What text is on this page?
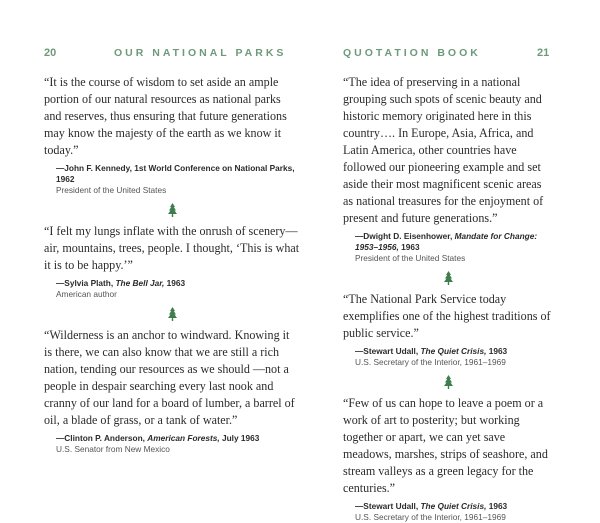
20	OUR NATIONAL PARKS

“It is the course of wisdom to set aside an ample portion of our natural resources as national parks and reserves, thus ensuring that future generations may know the majesty of the earth as we know it today.”

—John F. Kennedy, 1st World Conference on National Parks, 1962
President of the United States

“I felt my lungs inflate with the onrush of scenery—air, mountains, trees, people. I thought, ‘This is what it is to be happy.’”

—Sylvia Plath, The Bell Jar, 1963
American author

“Wilderness is an anchor to windward. Knowing it is there, we can also know that we are still a rich nation, tending our resources as we should —not a people in despair searching every last nook and cranny of our land for a board of lumber, a barrel of oil, a blade of grass, or a tank of water.”

—Clinton P. Anderson, American Forests, July 1963
U.S. Senator from New Mexico
QUOTATION BOOK	21

“The idea of preserving in a national grouping such spots of scenic beauty and historic memory originated here in this country…. In Europe, Asia, Africa, and Latin America, other countries have followed our pioneering example and set aside their most magnificent scenic areas as national treasures for the enjoyment of present and future generations.”

—Dwight D. Eisenhower, Mandate for Change: 1953–1956, 1963
President of the United States

“The National Park Service today exemplifies one of the highest traditions of public service.”

—Stewart Udall, The Quiet Crisis, 1963
U.S. Secretary of the Interior, 1961–1969

“Few of us can hope to leave a poem or a work of art to posterity; but working together or apart, we can yet save meadows, marshes, strips of seashore, and stream valleys as a green legacy for the centuries.”

—Stewart Udall, The Quiet Crisis, 1963
U.S. Secretary of the Interior, 1961–1969
